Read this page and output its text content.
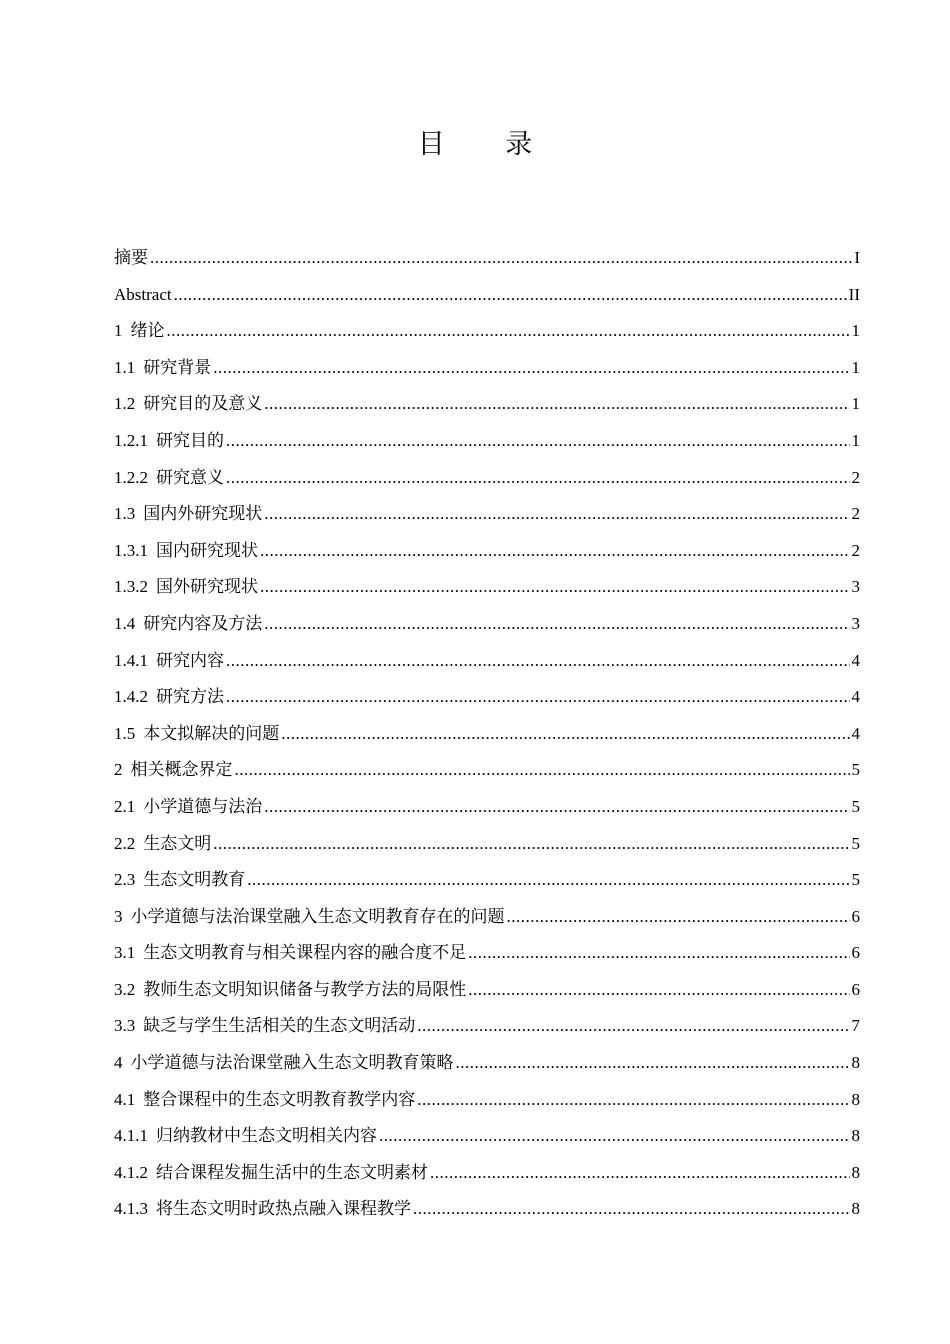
目 录
摘要 .....	I
Abstract .....	II
1 绪论 .....	1
1.1 研究背景 .....	1
1.2 研究目的及意义 .....	1
1.2.1 研究目的 .....	1
1.2.2 研究意义 .....	2
1.3 国内外研究现状 .....	2
1.3.1 国内研究现状 .....	2
1.3.2 国外研究现状 .....	3
1.4 研究内容及方法 .....	3
1.4.1 研究内容 .....	4
1.4.2 研究方法 .....	4
1.5 本文拟解决的问题 .....	4
2 相关概念界定 .....	5
2.1 小学道德与法治 .....	5
2.2 生态文明 .....	5
2.3 生态文明教育 .....	5
3 小学道德与法治课堂融入生态文明教育存在的问题 .....	6
3.1 生态文明教育与相关课程内容的融合度不足 .....	6
3.2 教师生态文明知识储备与教学方法的局限性 .....	6
3.3 缺乏与学生生活相关的生态文明活动 .....	7
4 小学道德与法治课堂融入生态文明教育策略 .....	8
4.1 整合课程中的生态文明教育教学内容 .....	8
4.1.1 归纳教材中生态文明相关内容 .....	8
4.1.2 结合课程发掘生活中的生态文明素材 .....	8
4.1.3 将生态文明时政热点融入课程教学 .....	8
